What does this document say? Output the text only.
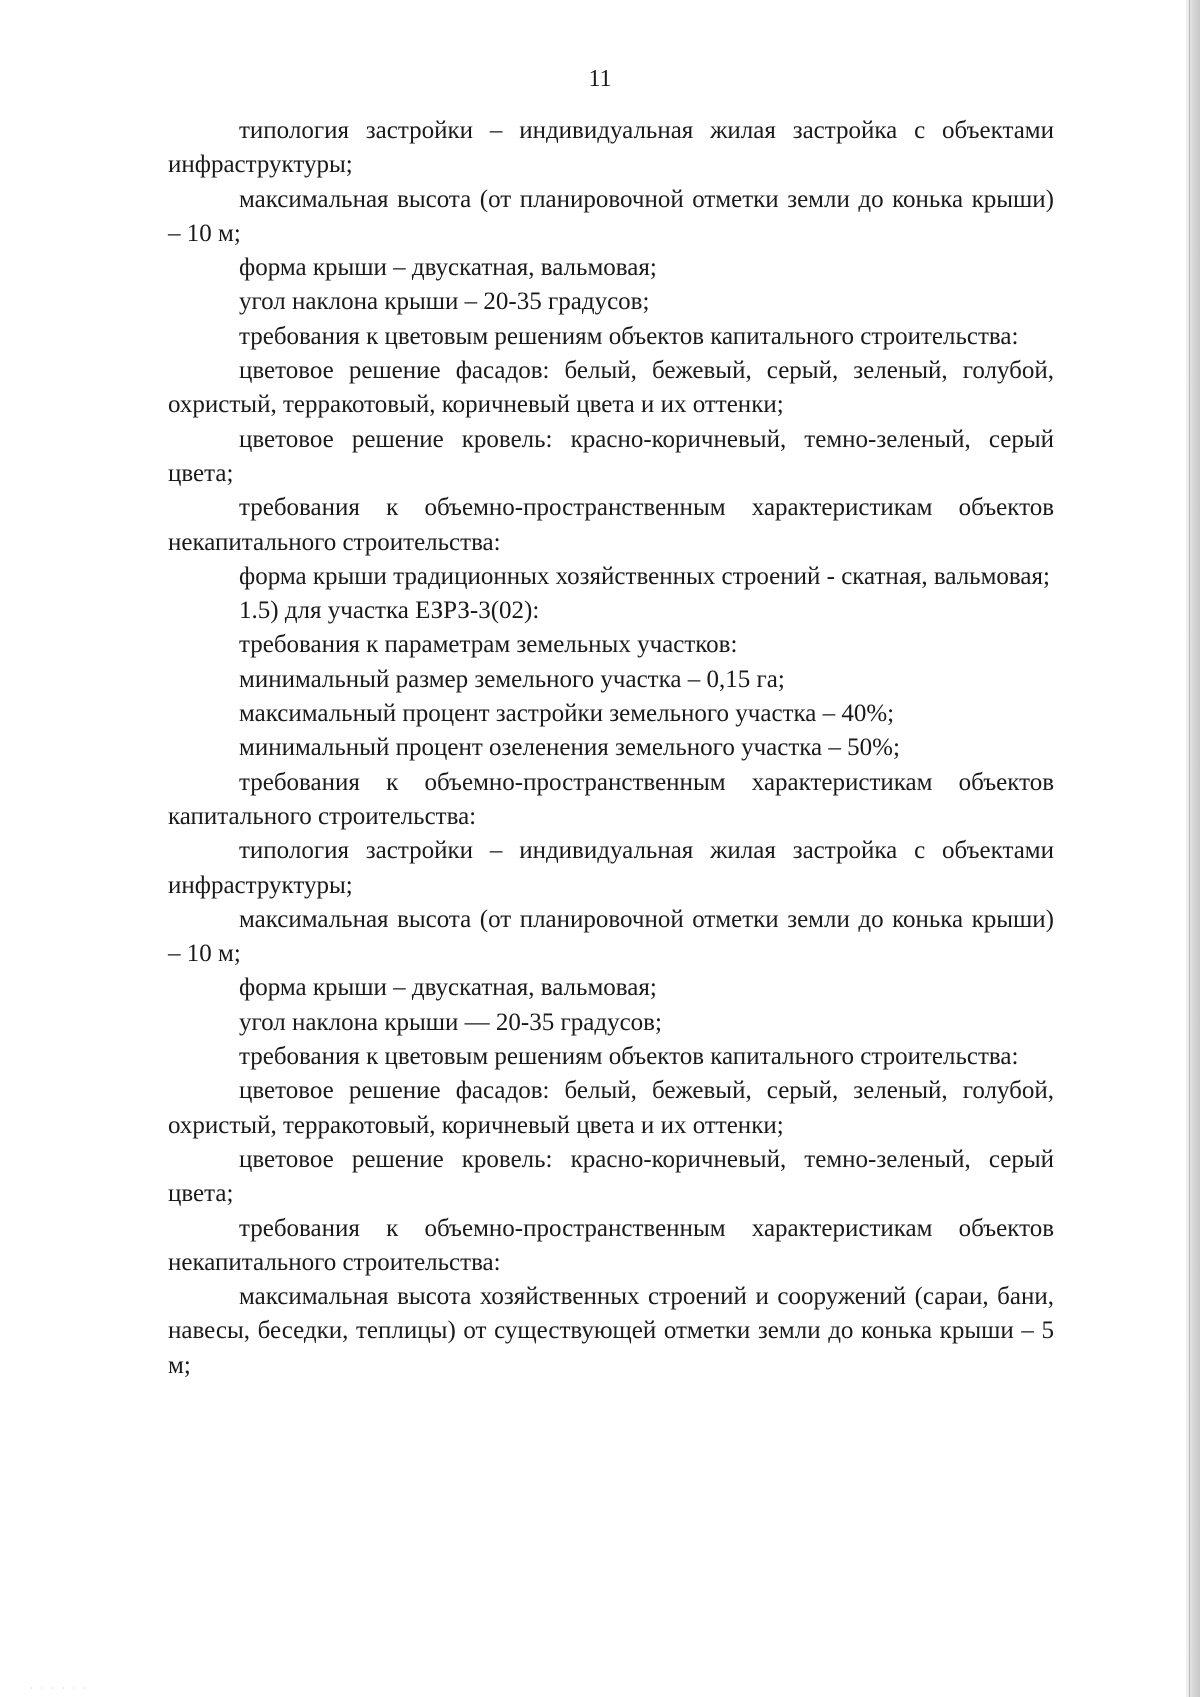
11

типология застройки – индивидуальная жилая застройка с объектами инфраструктуры;

максимальная высота (от планировочной отметки земли до конька крыши) – 10 м;

форма крыши – двускатная, вальмовая;

угол наклона крыши – 20-35 градусов;

требования к цветовым решениям объектов капитального строительства:

цветовое решение фасадов: белый, бежевый, серый, зеленый, голубой, охристый, терракотовый, коричневый цвета и их оттенки;

цветовое решение кровель: красно-коричневый, темно-зеленый, серый цвета;

требования к объемно-пространственным характеристикам объектов некапитального строительства:

форма крыши традиционных хозяйственных строений - скатная, вальмовая;

1.5) для участка ЕЗРЗ-3(02):

требования к параметрам земельных участков:

минимальный размер земельного участка – 0,15 га;

максимальный процент застройки земельного участка – 40%;

минимальный процент озеленения земельного участка – 50%;

требования к объемно-пространственным характеристикам объектов капитального строительства:

типология застройки – индивидуальная жилая застройка с объектами инфраструктуры;

максимальная высота (от планировочной отметки земли до конька крыши) – 10 м;

форма крыши – двускатная, вальмовая;

угол наклона крыши — 20-35 градусов;

требования к цветовым решениям объектов капитального строительства:

цветовое решение фасадов: белый, бежевый, серый, зеленый, голубой, охристый, терракотовый, коричневый цвета и их оттенки;

цветовое решение кровель: красно-коричневый, темно-зеленый, серый цвета;

требования к объемно-пространственным характеристикам объектов некапитального строительства:

максимальная высота хозяйственных строений и сооружений (сараи, бани, навесы, беседки, теплицы) от существующей отметки земли до конька крыши – 5 м;

· · · · · ·
